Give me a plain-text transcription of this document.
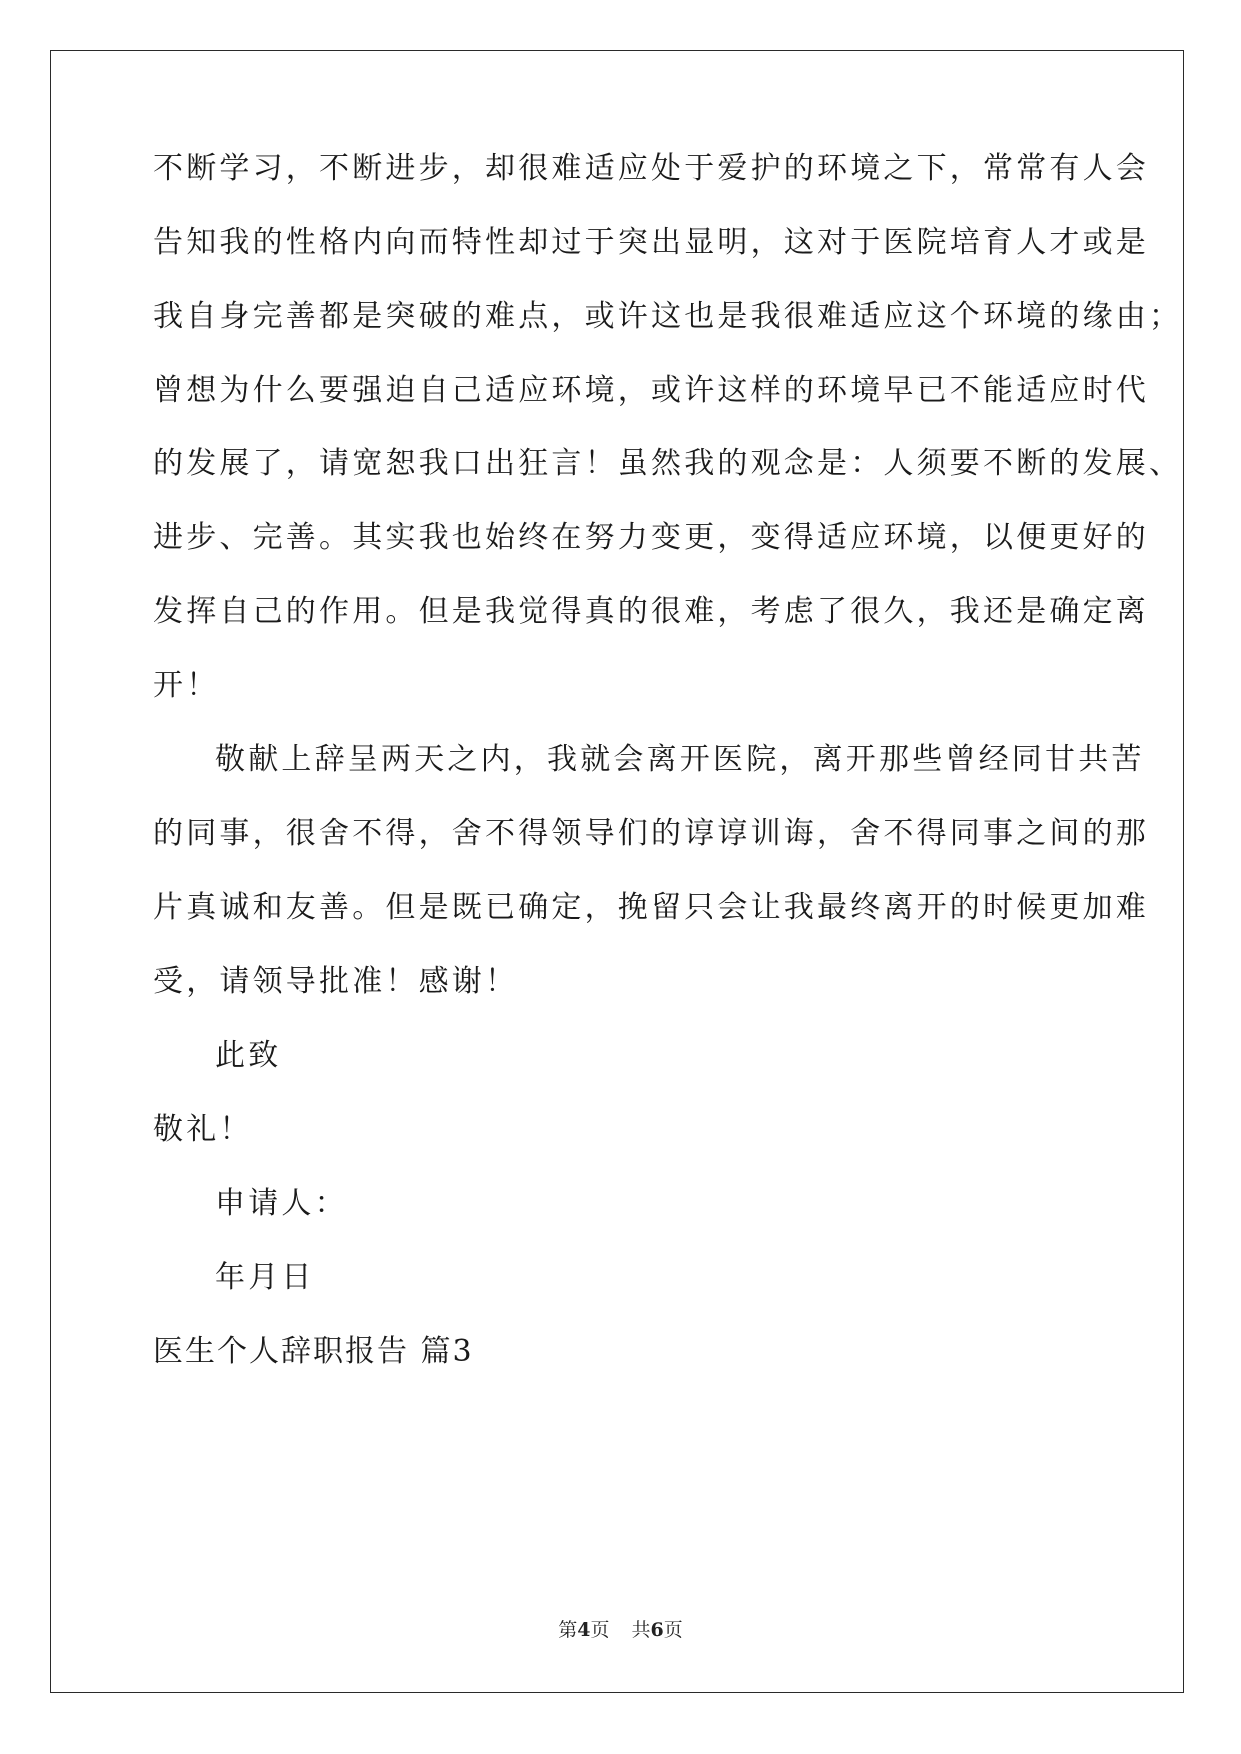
不断学习，不断进步，却很难适应处于爱护的环境之下，常常有人会
告知我的性格内向而特性却过于突出显明，这对于医院培育人才或是
我自身完善都是突破的难点，或许这也是我很难适应这个环境的缘由；
曾想为什么要强迫自己适应环境，或许这样的环境早已不能适应时代
的发展了，请宽恕我口出狂言！虽然我的观念是：人须要不断的发展、
进步、完善。其实我也始终在努力变更，变得适应环境，以便更好的
发挥自己的作用。但是我觉得真的很难，考虑了很久，我还是确定离
开！
敬献上辞呈两天之内，我就会离开医院，离开那些曾经同甘共苦
的同事，很舍不得，舍不得领导们的谆谆训诲，舍不得同事之间的那
片真诚和友善。但是既已确定，挽留只会让我最终离开的时候更加难
受，请领导批准！感谢！
此致
敬礼！
申请人：
年月日
医生个人辞职报告 篇3
第4页 共6页
